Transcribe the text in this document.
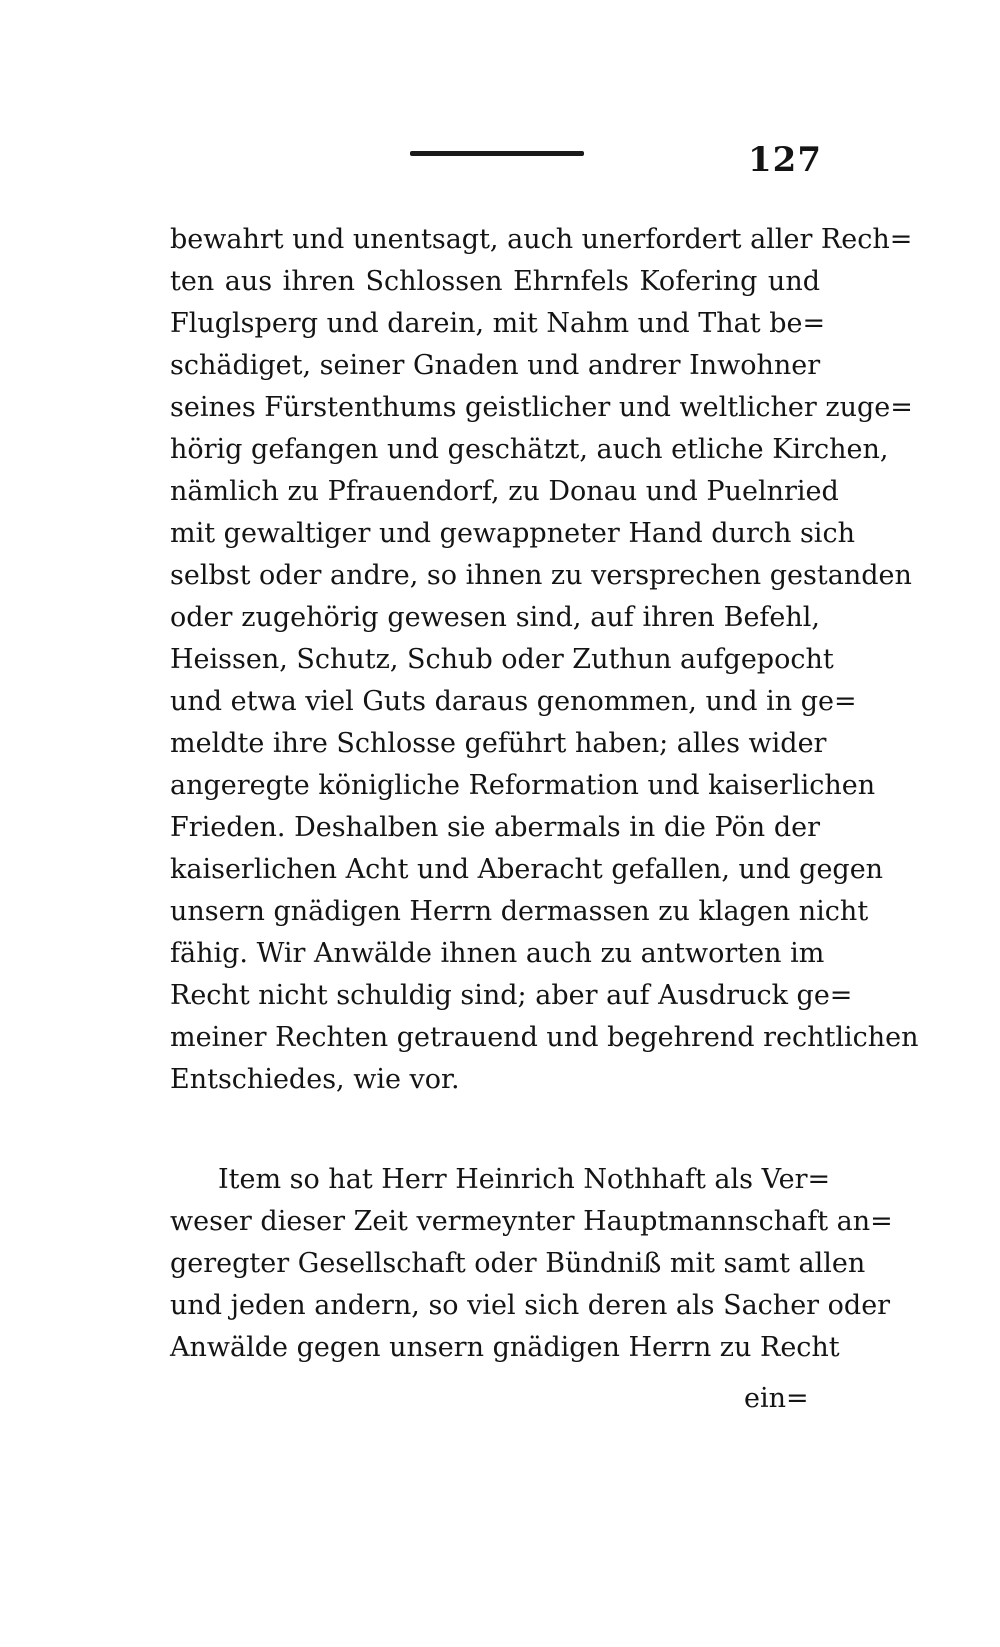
127
bewahrt und unentsagt, auch unerfordert aller Rech=
ten aus ihren Schlossen Ehrnfels Kofering und
Fluglsperg und darein, mit Nahm und That be=
schädiget, seiner Gnaden und andrer Inwohner
seines Fürstenthums geistlicher und weltlicher zuge=
hörig gefangen und geschätzt, auch etliche Kirchen,
nämlich zu Pfrauendorf, zu Donau und Puelnried
mit gewaltiger und gewappneter Hand durch sich
selbst oder andre, so ihnen zu versprechen gestanden
oder zugehörig gewesen sind, auf ihren Befehl,
Heissen, Schutz, Schub oder Zuthun aufgepocht
und etwa viel Guts daraus genommen, und in ge=
meldte ihre Schlosse geführt haben; alles wider
angeregte königliche Reformation und kaiserlichen
Frieden. Deshalben sie abermals in die Pön der
kaiserlichen Acht und Aberacht gefallen, und gegen
unsern gnädigen Herrn dermassen zu klagen nicht
fähig. Wir Anwälde ihnen auch zu antworten im
Recht nicht schuldig sind; aber auf Ausdruck ge=
meiner Rechten getrauend und begehrend rechtlichen
Entschiedes, wie vor.
Item so hat Herr Heinrich Nothhaft als Ver=
weser dieser Zeit vermeynter Hauptmannschaft an=
geregter Gesellschaft oder Bündniß mit samt allen
und jeden andern, so viel sich deren als Sacher oder
Anwälde gegen unsern gnädigen Herrn zu Recht
ein=
